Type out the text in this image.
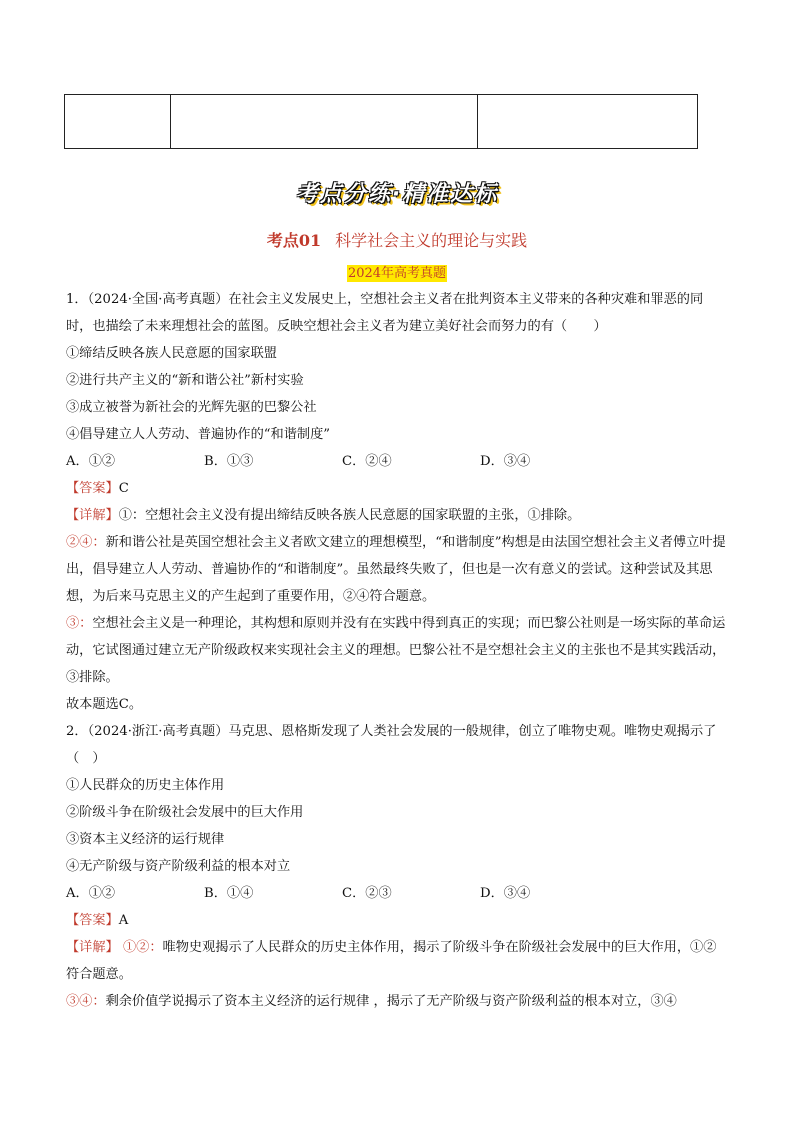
考点分练·精准达标
考点01 科学社会主义的理论与实践
2024年高考真题

1．（2024·全国·高考真题）在社会主义发展史上，空想社会主义者在批判资本主义带来的各种灾难和罪恶的同时，也描绘了未来理想社会的蓝图。反映空想社会主义者为建立美好社会而努力的有（　　）

①缔结反映各族人民意愿的国家联盟

②进行共产主义的“新和谐公社”新村实验

③成立被誉为新社会的光辉先驱的巴黎公社

④倡导建立人人劳动、普遍协作的“和谐制度”

A．①②	B．①③	C．②④	D．③④

【答案】C

【详解】①：空想社会主义没有提出缔结反映各族人民意愿的国家联盟的主张，①排除。

②④：新和谐公社是英国空想社会主义者欧文建立的理想模型，“和谐制度”构想是由法国空想社会主义者傅立叶提出，倡导建立人人劳动、普遍协作的“和谐制度”。虽然最终失败了，但也是一次有意义的尝试。这种尝试及其思想，为后来马克思主义的产生起到了重要作用，②④符合题意。

③：空想社会主义是一种理论，其构想和原则并没有在实践中得到真正的实现；而巴黎公社则是一场实际的革命运动，它试图通过建立无产阶级政权来实现社会主义的理想。巴黎公社不是空想社会主义的主张也不是其实践活动，③排除。

故本题选C。

2．（2024·浙江·高考真题）马克思、恩格斯发现了人类社会发展的一般规律，创立了唯物史观。唯物史观揭示了（　）

①人民群众的历史主体作用

②阶级斗争在阶级社会发展中的巨大作用

③资本主义经济的运行规律

④无产阶级与资产阶级利益的根本对立

A．①②	B．①④	C．②③	D．③④

【答案】A

【详解】 ①②：唯物史观揭示了人民群众的历史主体作用，揭示了阶级斗争在阶级社会发展中的巨大作用，①②符合题意。

③④：剩余价值学说揭示了资本主义经济的运行规律 ，揭示了无产阶级与资产阶级利益的根本对立，③④
